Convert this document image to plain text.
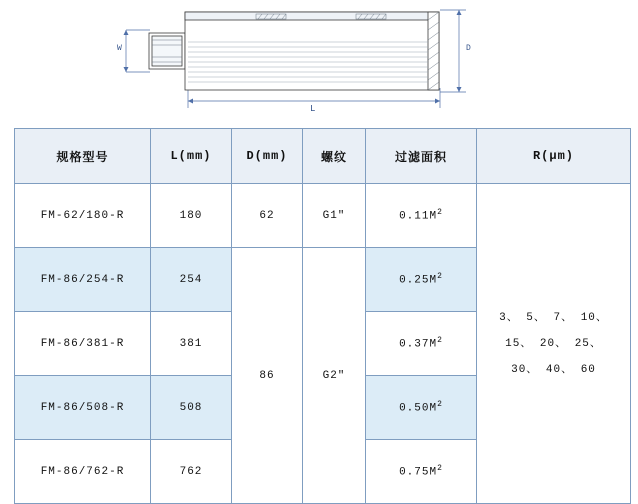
W	D
L
规格型号	L(mm)	D(mm)	螺纹	过滤面积	R(μm)
FM-62/180-R	180	62	G1″	$0.11M^2$	3、 5、 7、 10、
15、 20、 25、
30、 40、 60

FM-86/254-R	254	86	G2″	$0.25M^2$
FM-86/381-R	381			$0.37M^2$
FM-86/508-R	508			$0.50M^2$
FM-86/762-R	762			$0.75M^2$
